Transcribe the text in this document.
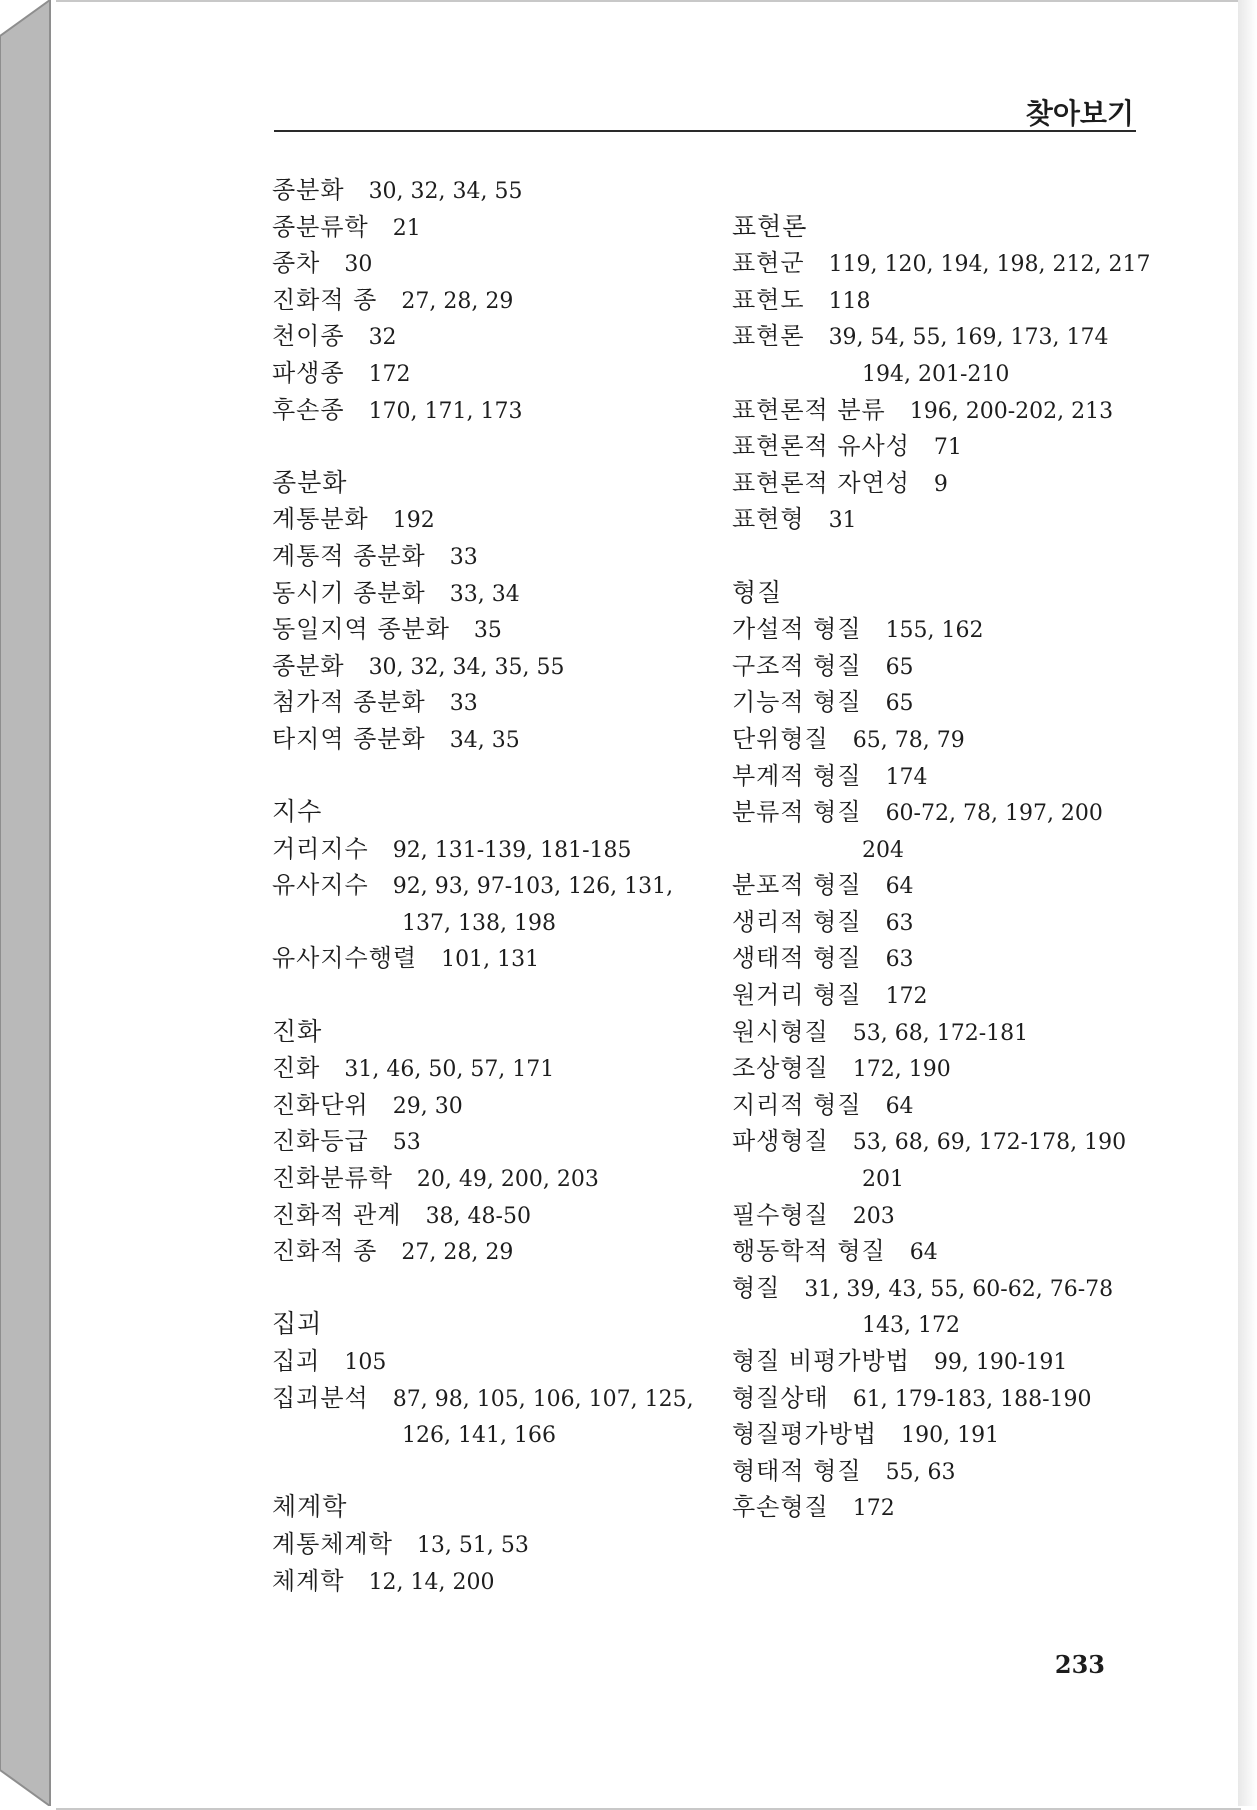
찾아보기
종분화 30, 32, 34, 55
종분류학 21
종차 30
진화적 종 27, 28, 29
천이종 32
파생종 172
후손종 170, 171, 173
종분화
계통분화 192
계통적 종분화 33
동시기 종분화 33, 34
동일지역 종분화 35
종분화 30, 32, 34, 35, 55
첨가적 종분화 33
타지역 종분화 34, 35
지수
거리지수 92, 131-139, 181-185
유사지수 92, 93, 97-103, 126, 131,
137, 138, 198
유사지수행렬 101, 131
진화
진화 31, 46, 50, 57, 171
진화단위 29, 30
진화등급 53
진화분류학 20, 49, 200, 203
진화적 관계 38, 48-50
진화적 종 27, 28, 29
집괴
집괴 105
집괴분석 87, 98, 105, 106, 107, 125,
126, 141, 166
체계학
계통체계학 13, 51, 53
체계학 12, 14, 200
표현론
표현군 119, 120, 194, 198, 212, 217
표현도 118
표현론 39, 54, 55, 169, 173, 174
194, 201-210
표현론적 분류 196, 200-202, 213
표현론적 유사성 71
표현론적 자연성 9
표현형 31
형질
가설적 형질 155, 162
구조적 형질 65
기능적 형질 65
단위형질 65, 78, 79
부계적 형질 174
분류적 형질 60-72, 78, 197, 200
204
분포적 형질 64
생리적 형질 63
생태적 형질 63
원거리 형질 172
원시형질 53, 68, 172-181
조상형질 172, 190
지리적 형질 64
파생형질 53, 68, 69, 172-178, 190
201
필수형질 203
행동학적 형질 64
형질 31, 39, 43, 55, 60-62, 76-78
143, 172
형질 비평가방법 99, 190-191
형질상태 61, 179-183, 188-190
형질평가방법 190, 191
형태적 형질 55, 63
후손형질 172
233
